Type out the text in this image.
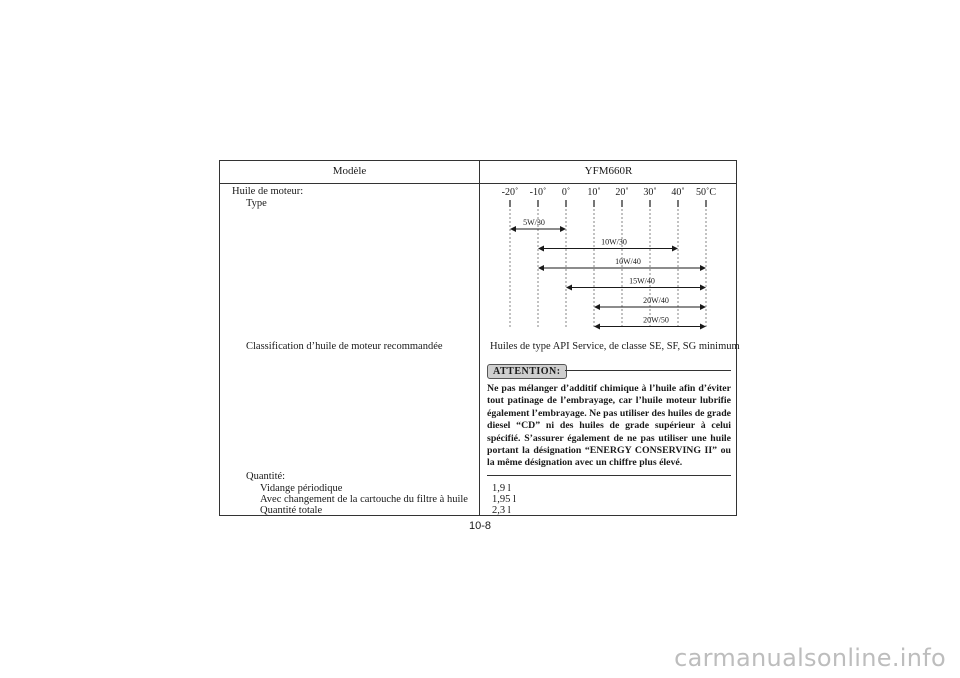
Modèle	YFM660R
Huile de moteur:
Type
-20˚ -10˚ 0˚ 10˚ 20˚ 30˚ 40˚ 50˚C
5W/30
10W/30
10W/40
15W/40
20W/40
20W/50
Classification d’huile de moteur recommandée	Huiles de type API Service, de classe SE, SF, SG minimum
ATTENTION:
Ne pas mélanger d’additif chimique à l’huile afin d’éviter tout patinage de l’embrayage, car l’huile moteur lubrifie également l’embrayage. Ne pas utiliser des huiles de grade diesel “CD” ni des huiles de grade supérieur à celui spécifié. S’assurer également de ne pas utiliser une huile portant la désignation “ENERGY CONSERVING II” ou la même désignation avec un chiffre plus élevé.
Quantité:
Vidange périodique
Avec changement de la cartouche du filtre à huile
Quantité totale
1,9 l
1,95 l
2,3 l
10-8
carmanualsonline.info
